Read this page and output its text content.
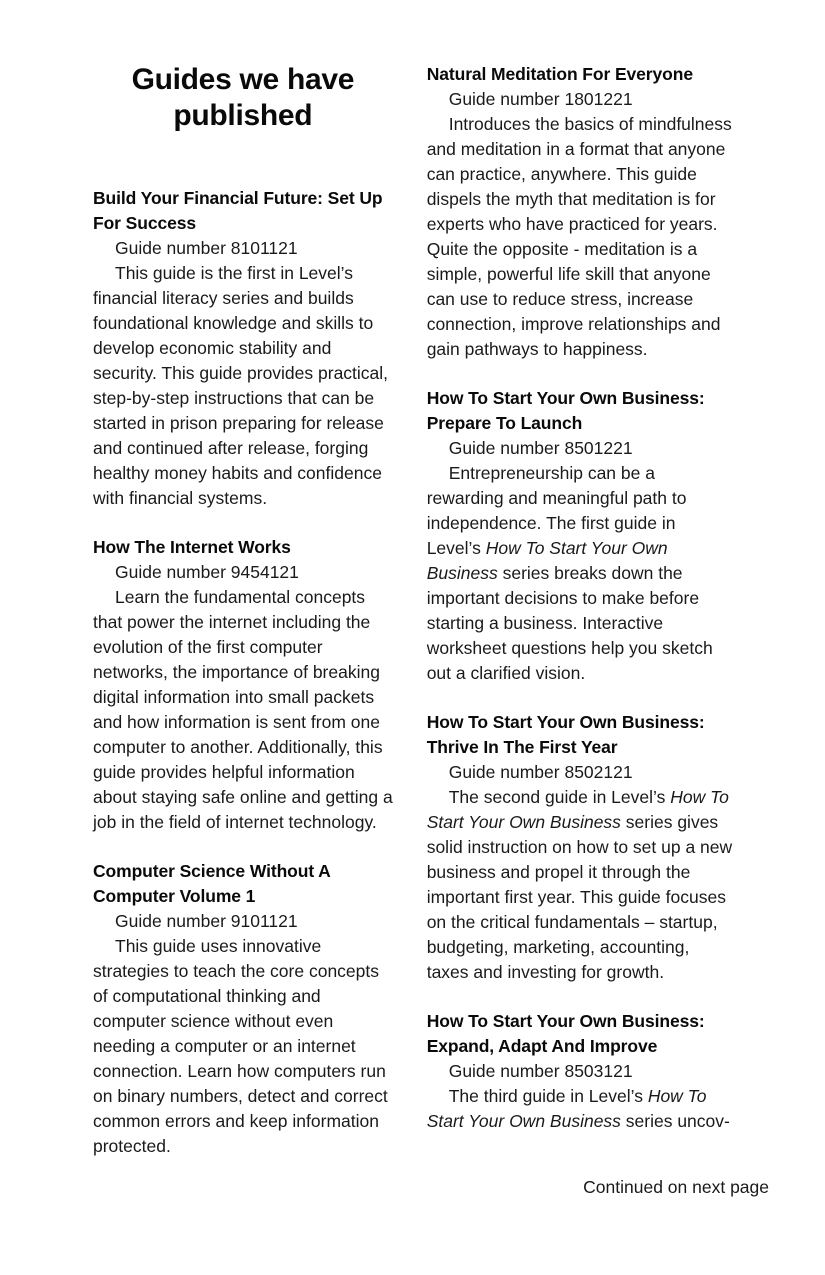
Guides we have published
Build Your Financial Future: Set Up For Success
Guide number 8101121
This guide is the first in Level’s financial literacy series and builds foundational knowledge and skills to develop economic stability and security. This guide provides practical, step-by-step instructions that can be started in prison preparing for release and continued after release, forging healthy money habits and confidence with financial systems.
How The Internet Works
Guide number 9454121
Learn the fundamental concepts that power the internet including the evolution of the first computer networks, the importance of breaking digital information into small packets and how information is sent from one computer to another. Additionally, this guide provides helpful information about staying safe online and getting a job in the field of internet technology.
Computer Science Without A Computer Volume 1
Guide number 9101121
This guide uses innovative strategies to teach the core concepts of computational thinking and computer science without even needing a computer or an internet connection. Learn how computers run on binary numbers, detect and correct common errors and keep information protected.
Natural Meditation For Everyone
Guide number 1801221
Introduces the basics of mindfulness and meditation in a format that anyone can practice, anywhere. This guide dispels the myth that meditation is for experts who have practiced for years. Quite the opposite - meditation is a simple, powerful life skill that anyone can use to reduce stress, increase connection, improve relationships and gain pathways to happiness.
How To Start Your Own Business: Prepare To Launch
Guide number 8501221
Entrepreneurship can be a rewarding and meaningful path to independence. The first guide in Level’s How To Start Your Own Business series breaks down the important decisions to make before starting a business. Interactive worksheet questions help you sketch out a clarified vision.
How To Start Your Own Business: Thrive In The First Year
Guide number 8502121
The second guide in Level’s How To Start Your Own Business series gives solid instruction on how to set up a new business and propel it through the important first year. This guide focuses on the critical fundamentals – startup, budgeting, marketing, accounting, taxes and investing for growth.
How To Start Your Own Business: Expand, Adapt And Improve
Guide number 8503121
The third guide in Level’s How To Start Your Own Business series uncov-
Continued on next page
